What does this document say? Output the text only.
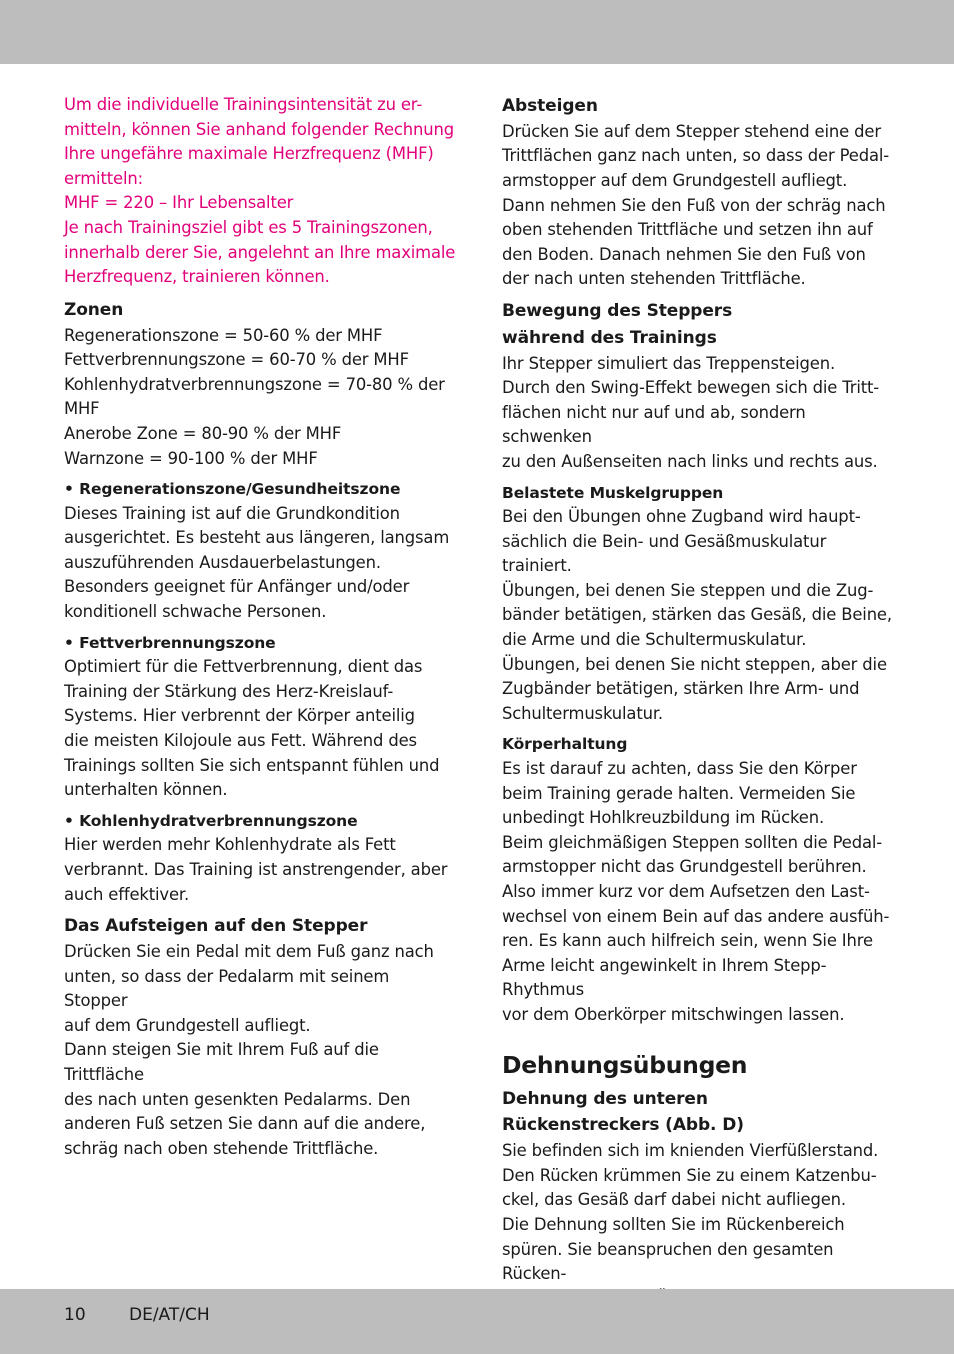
Um die individuelle Trainingsintensität zu er-

mitteln, können Sie anhand folgender Rechnung

Ihre ungefähre maximale Herzfrequenz (MHF)

ermitteln:

MHF = 220 – Ihr Lebensalter

Je nach Trainingsziel gibt es 5 Trainingszonen,

innerhalb derer Sie, angelehnt an Ihre maximale

Herzfrequenz, trainieren können.

Zonen

Regenerationszone = 50-60 % der MHF

Fettverbrennungszone = 60-70 % der MHF

Kohlenhydratverbrennungszone = 70-80 % der

MHF

Anerobe Zone = 80-90 % der MHF

Warnzone = 90-100 % der MHF

• Regenerationszone/Gesundheitszone

Dieses Training ist auf die Grundkondition

ausgerichtet. Es besteht aus längeren, langsam

auszuführenden Ausdauerbelastungen.

Besonders geeignet für Anfänger und/oder

konditionell schwache Personen.

• Fettverbrennungszone

Optimiert für die Fettverbrennung, dient das

Training der Stärkung des Herz-Kreislauf-

Systems. Hier verbrennt der Körper anteilig

die meisten Kilojoule aus Fett. Während des

Trainings sollten Sie sich entspannt fühlen und

unterhalten können.

• Kohlenhydratverbrennungszone

Hier werden mehr Kohlenhydrate als Fett

verbrannt. Das Training ist anstrengender, aber

auch effektiver.

Das Aufsteigen auf den Stepper

Drücken Sie ein Pedal mit dem Fuß ganz nach

unten, so dass der Pedalarm mit seinem Stopper

auf dem Grundgestell aufliegt.

Dann steigen Sie mit Ihrem Fuß auf die Trittfläche

des nach unten gesenkten Pedalarms. Den

anderen Fuß setzen Sie dann auf die andere,

schräg nach oben stehende Trittfläche.

Absteigen

Drücken Sie auf dem Stepper stehend eine der

Trittflächen ganz nach unten, so dass der Pedal-

armstopper auf dem Grundgestell aufliegt.

Dann nehmen Sie den Fuß von der schräg nach

oben stehenden Trittfläche und setzen ihn auf

den Boden. Danach nehmen Sie den Fuß von

der nach unten stehenden Trittfläche.

Bewegung des Steppers
während des Trainings

Ihr Stepper simuliert das Treppensteigen.

Durch den Swing-Effekt bewegen sich die Tritt-

flächen nicht nur auf und ab, sondern schwenken

zu den Außenseiten nach links und rechts aus.

Belastete Muskelgruppen

Bei den Übungen ohne Zugband wird haupt-

sächlich die Bein- und Gesäßmuskulatur trainiert.

Übungen, bei denen Sie steppen und die Zug-

bänder betätigen, stärken das Gesäß, die Beine,

die Arme und die Schultermuskulatur.

Übungen, bei denen Sie nicht steppen, aber die

Zugbänder betätigen, stärken Ihre Arm- und

Schultermuskulatur.

Körperhaltung

Es ist darauf zu achten, dass Sie den Körper

beim Training gerade halten. Vermeiden Sie

unbedingt Hohlkreuzbildung im Rücken.

Beim gleichmäßigen Steppen sollten die Pedal-

armstopper nicht das Grundgestell berühren.

Also immer kurz vor dem Aufsetzen den Last-

wechsel von einem Bein auf das andere ausfüh-

ren. Es kann auch hilfreich sein, wenn Sie Ihre

Arme leicht angewinkelt in Ihrem Stepp-Rhythmus

vor dem Oberkörper mitschwingen lassen.

Dehnungsübungen
Dehnung des unteren
Rückenstreckers (Abb. D)

Sie befinden sich im knienden Vierfüßlerstand.

Den Rücken krümmen Sie zu einem Katzenbu-

ckel, das Gesäß darf dabei nicht aufliegen.

Die Dehnung sollten Sie im Rückenbereich

spüren. Sie beanspruchen den gesamten Rücken-

10	DE/AT/CH
